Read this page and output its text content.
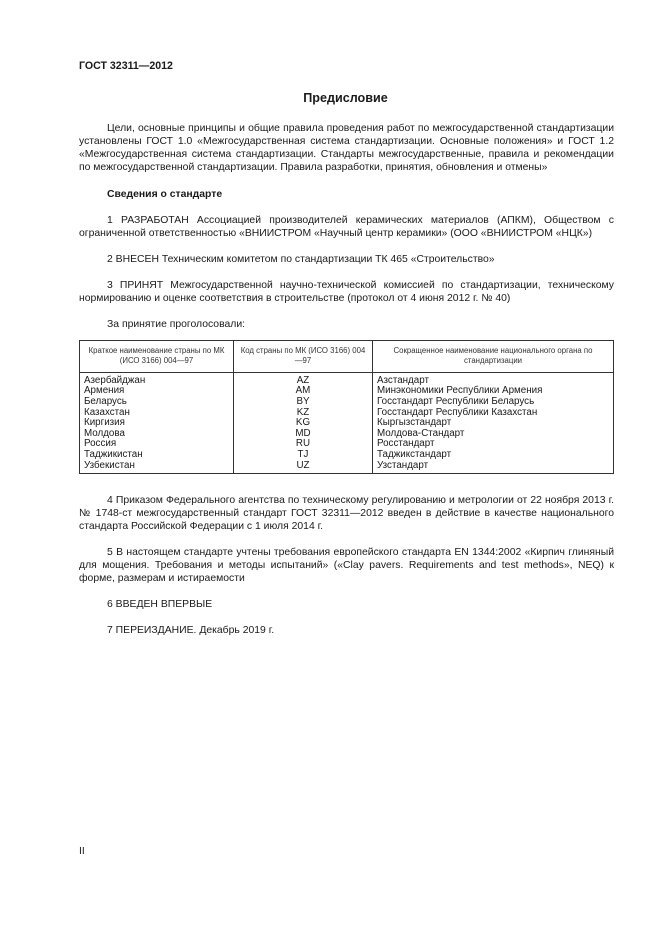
ГОСТ 32311—2012
Предисловие

Цели, основные принципы и общие правила проведения работ по межгосударственной стандартизации установлены ГОСТ 1.0 «Межгосударственная система стандартизации. Основные положения» и ГОСТ 1.2 «Межгосударственная система стандартизации. Стандарты межгосударственные, правила и рекомендации по межгосударственной стандартизации. Правила разработки, принятия, обновления и отмены»

Сведения о стандарте

1 РАЗРАБОТАН Ассоциацией производителей керамических материалов (АПКМ), Обществом с ограниченной ответственностью «ВНИИСТРОМ «Научный центр керамики» (ООО «ВНИИСТРОМ «НЦК»)

2 ВНЕСЕН Техническим комитетом по стандартизации ТК 465 «Строительство»

3 ПРИНЯТ Межгосударственной научно-технической комиссией по стандартизации, техническому нормированию и оценке соответствия в строительстве (протокол от 4 июня 2012 г. № 40)

За принятие проголосовали:

Краткое наименование страны по МК (ИСО 3166) 004—97	Код страны по МК (ИСО 3166) 004—97	Сокращенное наименование национального органа по стандартизации
Азербайджан	AZ	Азстандарт
Армения	AM	Минэкономики Республики Армения
Беларусь	BY	Госстандарт Республики Беларусь
Казахстан	KZ	Госстандарт Республики Казахстан
Киргизия	KG	Кыргызстандарт
Молдова	MD	Молдова-Стандарт
Россия	RU	Росстандарт
Таджикистан	TJ	Таджикстандарт
Узбекистан	UZ	Узстандарт

4 Приказом Федерального агентства по техническому регулированию и метрологии от 22 ноября 2013 г. № 1748-ст межгосударственный стандарт ГОСТ 32311—2012 введен в действие в качестве национального стандарта Российской Федерации с 1 июля 2014 г.

5 В настоящем стандарте учтены требования европейского стандарта EN 1344:2002 «Кирпич глиняный для мощения. Требования и методы испытаний» («Clay pavers. Requirements and test methods», NEQ) к форме, размерам и истираемости

6 ВВЕДЕН ВПЕРВЫЕ

7 ПЕРЕИЗДАНИЕ. Декабрь 2019 г.

II
